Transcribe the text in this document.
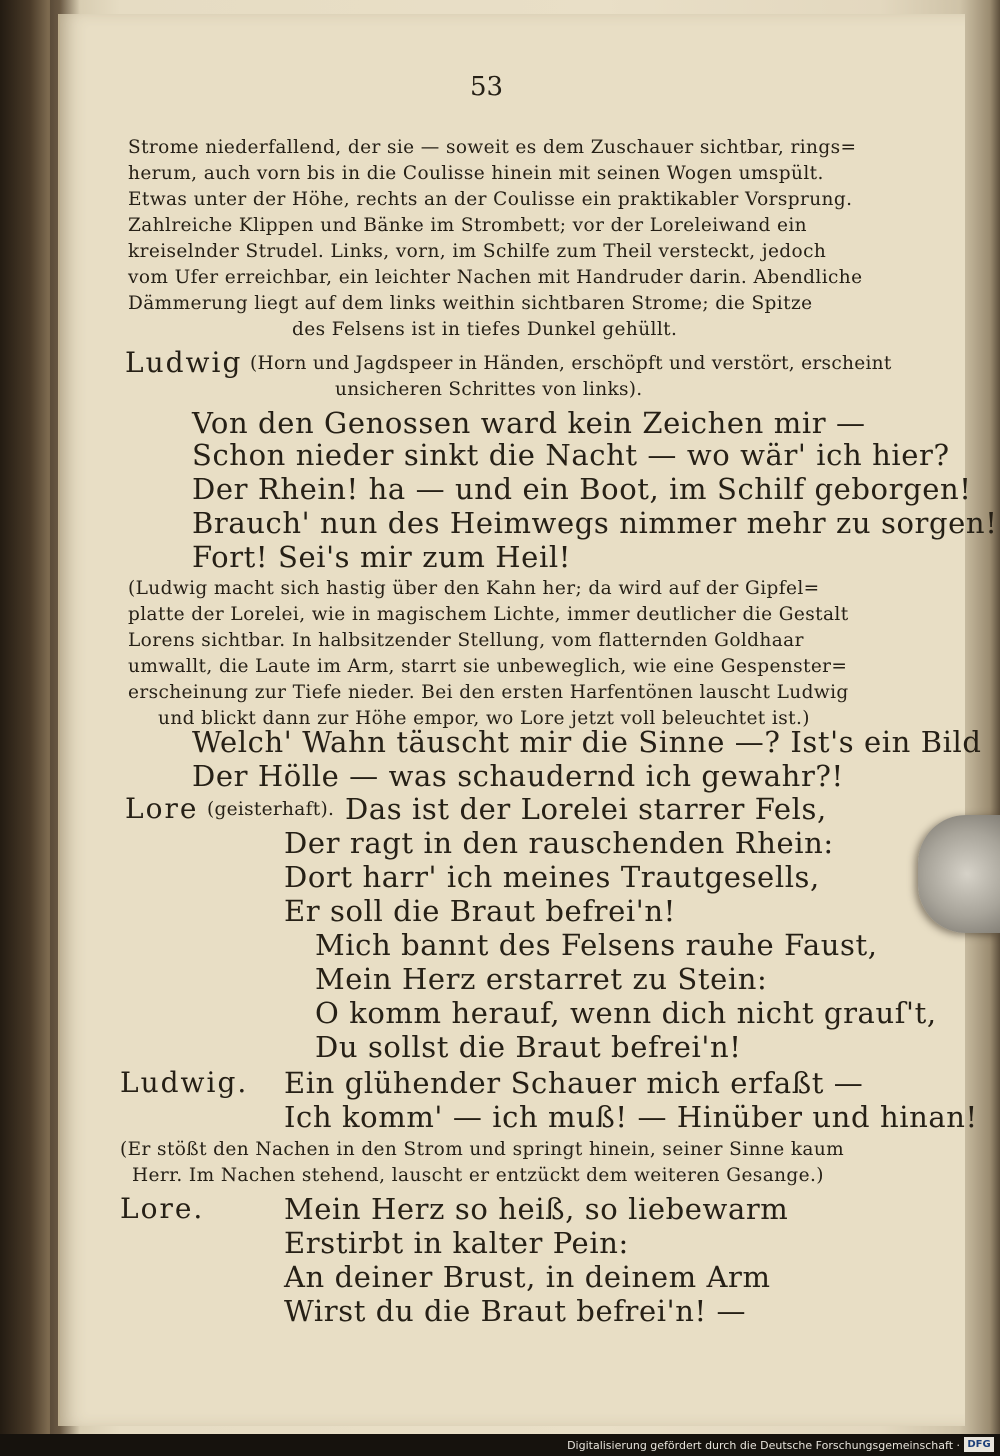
53
Strome niederfallend, der sie — soweit es dem Zuschauer sichtbar, rings=
herum, auch vorn bis in die Coulisse hinein mit seinen Wogen umspült.
Etwas unter der Höhe, rechts an der Coulisse ein praktikabler Vorsprung.
Zahlreiche Klippen und Bänke im Strombett; vor der Loreleiwand ein
kreiselnder Strudel. Links, vorn, im Schilfe zum Theil versteckt, jedoch
vom Ufer erreichbar, ein leichter Nachen mit Handruder darin. Abendliche
Dämmerung liegt auf dem links weithin sichtbaren Strome; die Spitze
des Felsens ist in tiefes Dunkel gehüllt.
Ludwig (Horn und Jagdspeer in Händen, erschöpft und verstört, erscheint
unsicheren Schrittes von links).
Von den Genossen ward kein Zeichen mir —
Schon nieder sinkt die Nacht — wo wär' ich hier?
Der Rhein! ha — und ein Boot, im Schilf geborgen!
Brauch' nun des Heimwegs nimmer mehr zu sorgen!
Fort! Sei's mir zum Heil!
(Ludwig macht sich hastig über den Kahn her; da wird auf der Gipfel=
platte der Lorelei, wie in magischem Lichte, immer deutlicher die Gestalt
Lorens sichtbar. In halbsitzender Stellung, vom flatternden Goldhaar
umwallt, die Laute im Arm, starrt sie unbeweglich, wie eine Gespenster=
erscheinung zur Tiefe nieder. Bei den ersten Harfentönen lauscht Ludwig
und blickt dann zur Höhe empor, wo Lore jetzt voll beleuchtet ist.)
Welch' Wahn täuscht mir die Sinne —? Ist's ein Bild
Der Hölle — was schaudernd ich gewahr?!
Lore (geisterhaft). Das ist der Lorelei starrer Fels,
Der ragt in den rauschenden Rhein:
Dort harr' ich meines Trautgesells,
Er soll die Braut befrei'n!
Mich bannt des Felsens rauhe Faust,
Mein Herz erstarret zu Stein:
O komm herauf, wenn dich nicht grauſ't,
Du sollst die Braut befrei'n!
Ludwig. Ein glühender Schauer mich erfaßt —
Ich komm' — ich muß! — Hinüber und hinan!
(Er stößt den Nachen in den Strom und springt hinein, seiner Sinne kaum
Herr. Im Nachen stehend, lauscht er entzückt dem weiteren Gesange.)
Lore.	Mein Herz so heiß, so liebewarm
Erstirbt in kalter Pein:
An deiner Brust, in deinem Arm
Wirst du die Braut befrei'n! —
Digitalisierung gefördert durch die Deutsche Forschungsgemeinschaft · DFG
